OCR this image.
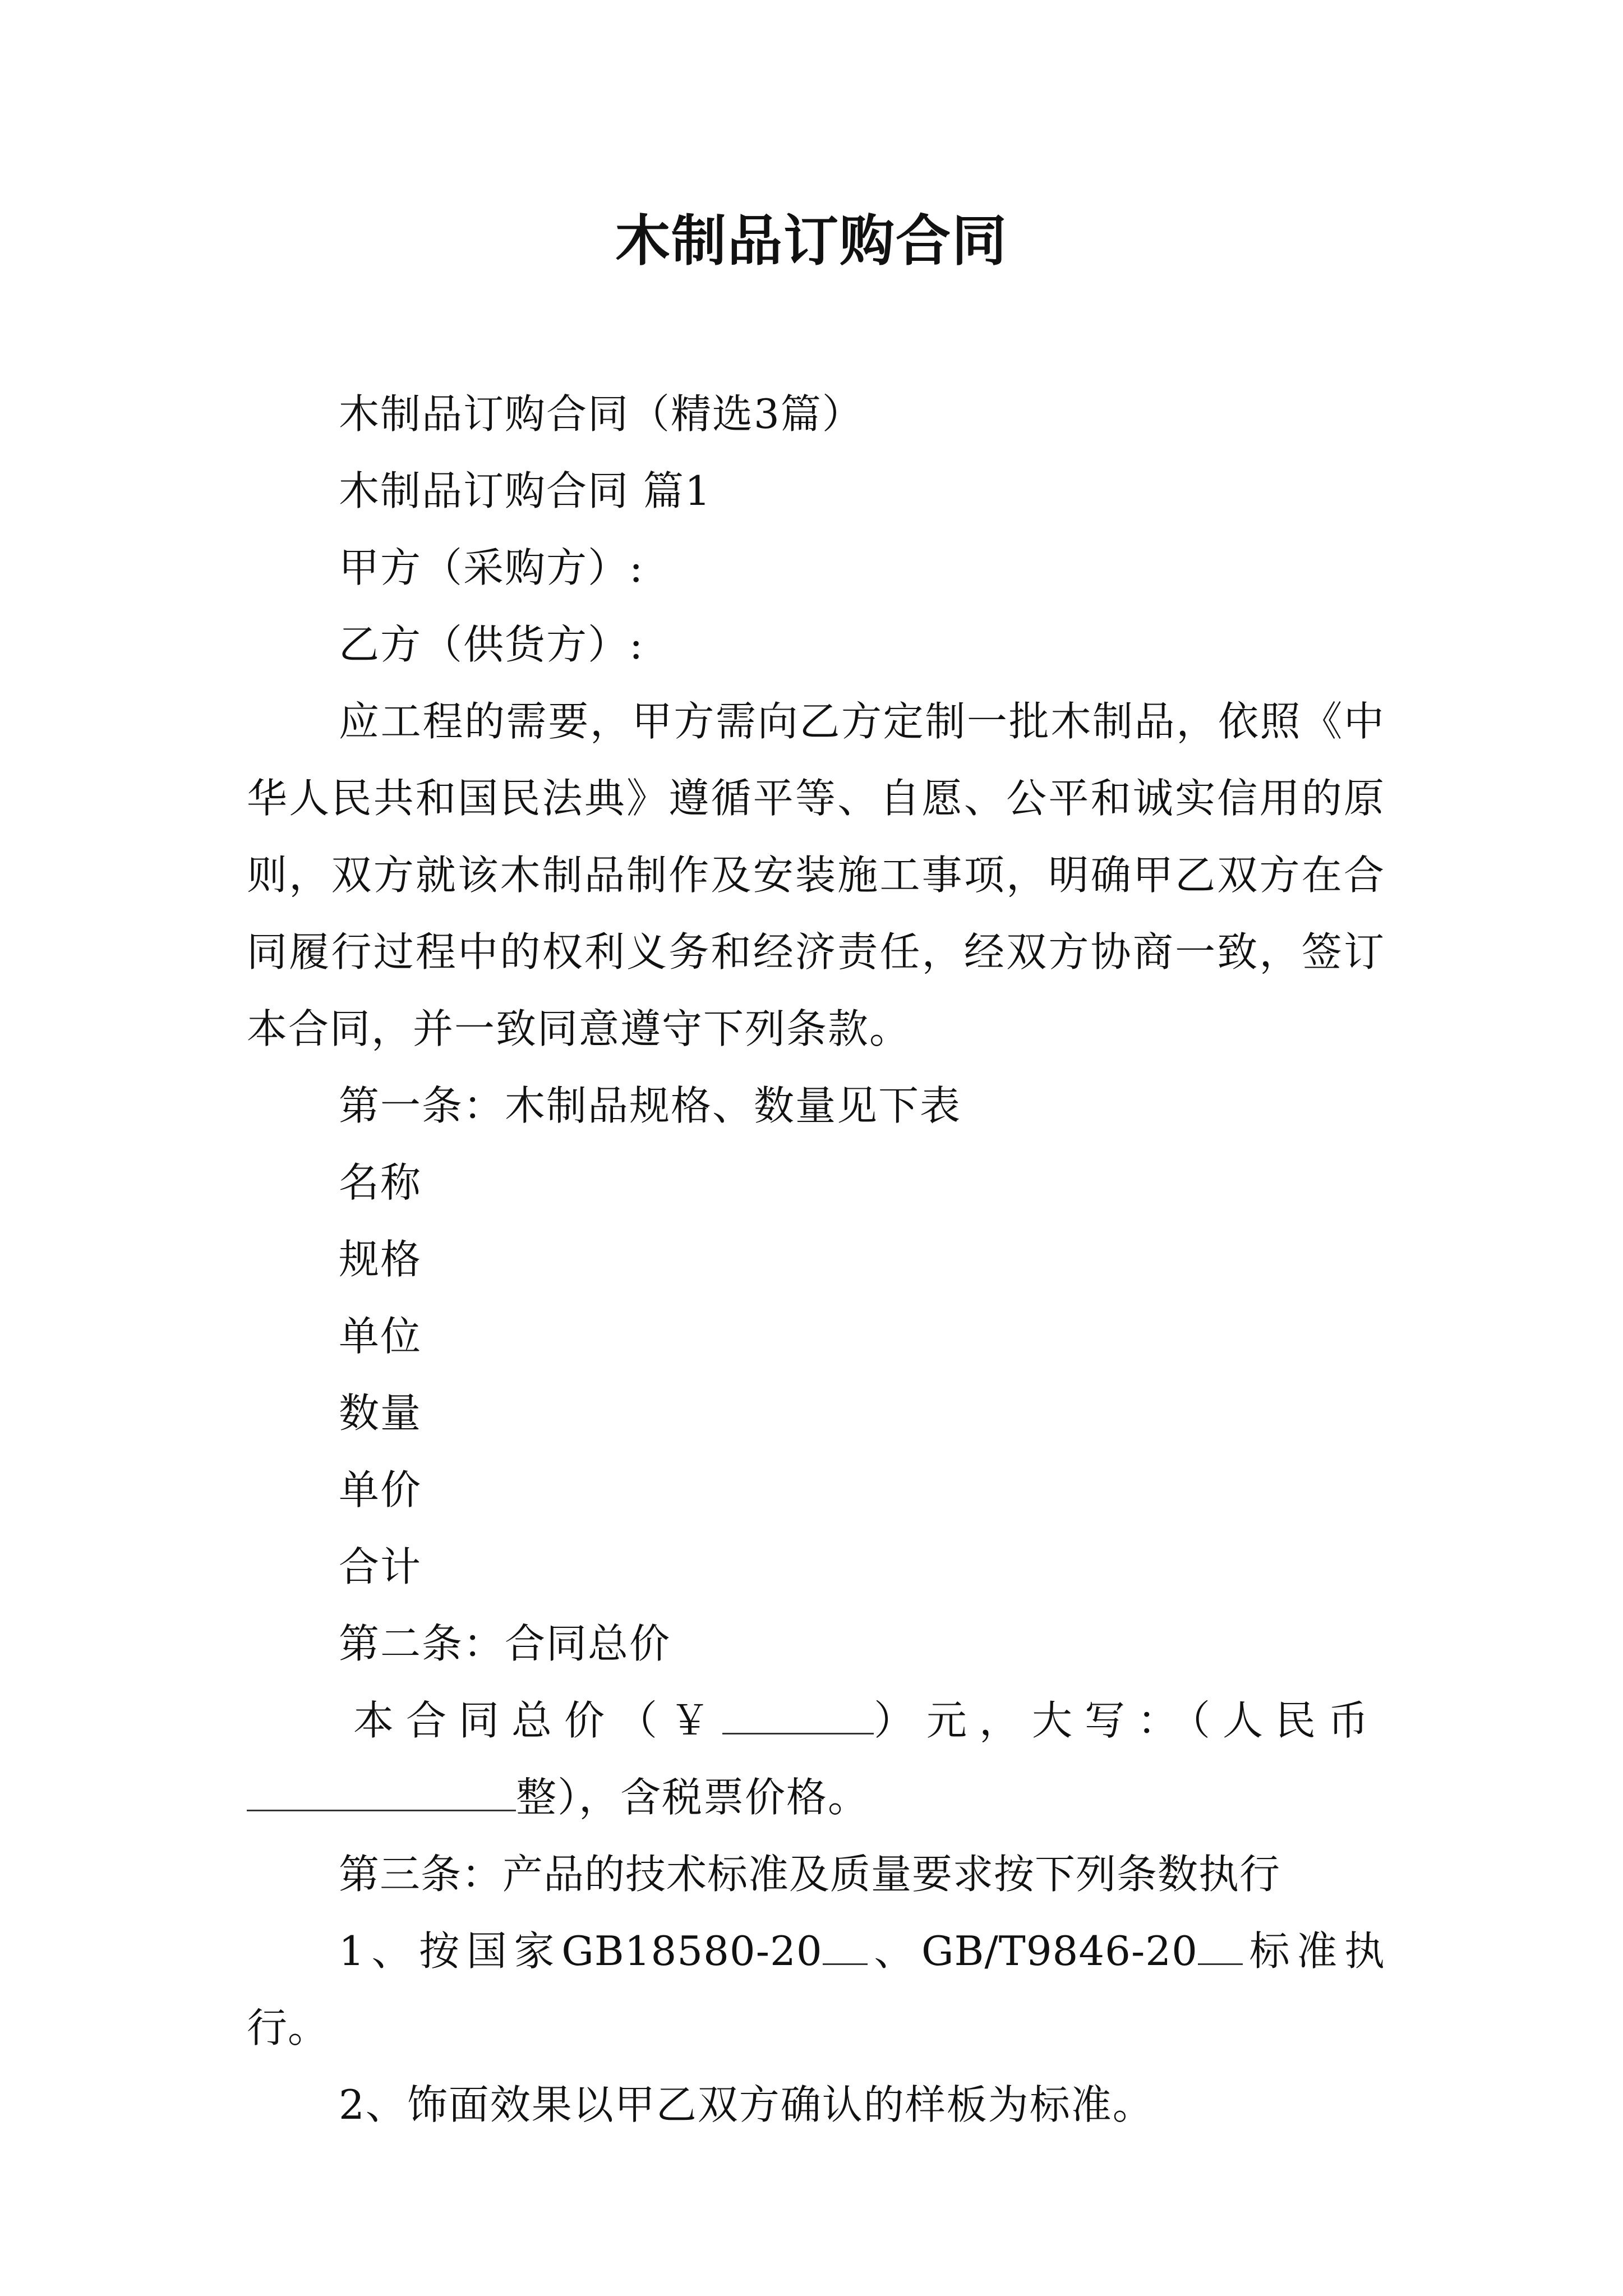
木制品订购合同

木制品订购合同（精选3篇）

木制品订购合同 篇1

甲方（采购方）:

乙方（供货方）:

应工程的需要，甲方需向乙方定制一批木制品，依照《中华人民共和国民法典》遵循平等、自愿、公平和诚实信用的原则，双方就该木制品制作及安装施工事项，明确甲乙双方在合同履行过程中的权利义务和经济责任，经双方协商一致，签订本合同，并一致同意遵守下列条款。

第一条：木制品规格、数量见下表

名称

规格

单位

数量

单价

合计

第二条：合同总价

本合同总价（￥	）元，大写：（人民币

整），含税票价格。

第三条：产品的技术标准及质量要求按下列条数执行

1、按国家GB18580-20 、GB/T9846-20 标准执行。

2、饰面效果以甲乙双方确认的样板为标准。
